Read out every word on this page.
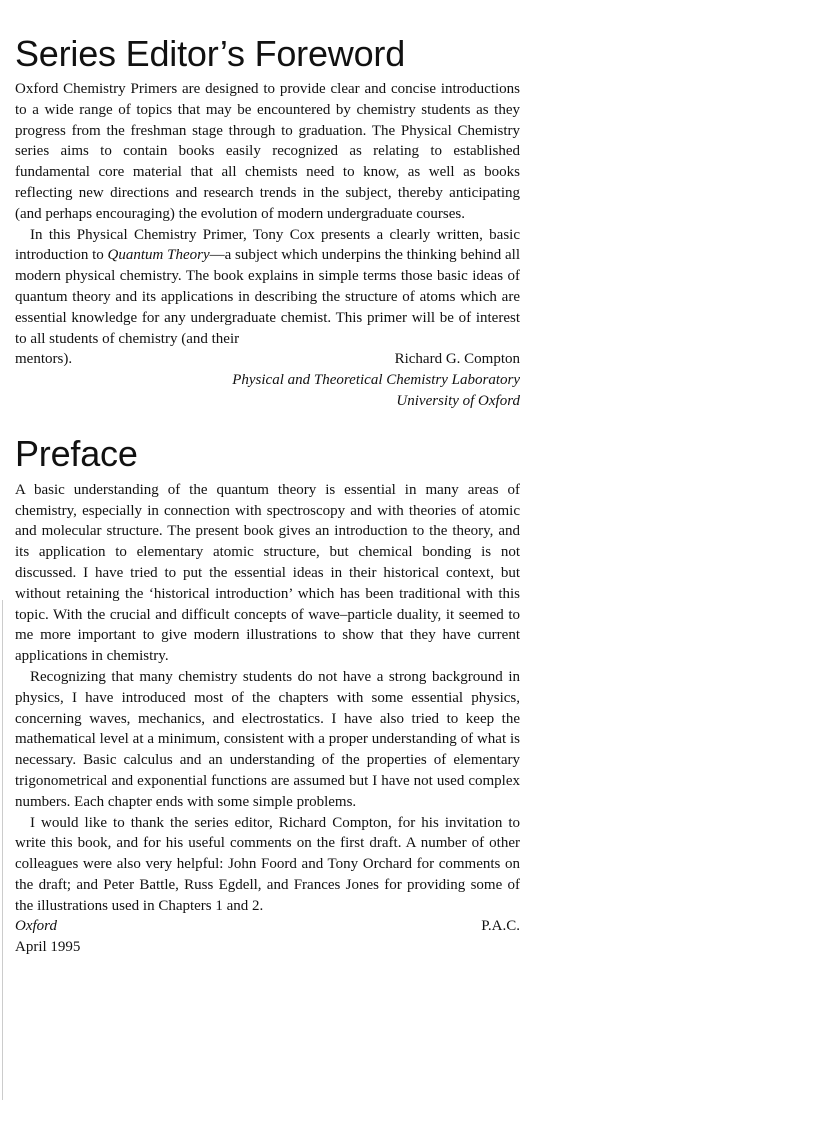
Series Editor’s Foreword

Oxford Chemistry Primers are designed to provide clear and concise introductions to a wide range of topics that may be encountered by chemistry students as they progress from the freshman stage through to graduation. The Physical Chemistry series aims to contain books easily recognized as relating to established fundamental core material that all chemists need to know, as well as books reflecting new directions and research trends in the subject, thereby anticipating (and perhaps encouraging) the evolution of modern undergraduate courses.

In this Physical Chemistry Primer, Tony Cox presents a clearly written, basic introduction to Quantum Theory—a subject which underpins the thinking behind all modern physical chemistry. The book explains in simple terms those basic ideas of quantum theory and its applications in describing the structure of atoms which are essential knowledge for any undergraduate chemist. This primer will be of interest to all students of chemistry (and their

mentors).	Richard G. Compton
Physical and Theoretical Chemistry Laboratory
University of Oxford
Preface

A basic understanding of the quantum theory is essential in many areas of chemistry, especially in connection with spectroscopy and with theories of atomic and molecular structure. The present book gives an introduction to the theory, and its application to elementary atomic structure, but chemical bonding is not discussed. I have tried to put the essential ideas in their historical context, but without retaining the ‘historical introduction’ which has been traditional with this topic. With the crucial and difficult concepts of wave–particle duality, it seemed to me more important to give modern illustrations to show that they have current applications in chemistry.

Recognizing that many chemistry students do not have a strong background in physics, I have introduced most of the chapters with some essential physics, concerning waves, mechanics, and electrostatics. I have also tried to keep the mathematical level at a minimum, consistent with a proper understanding of what is necessary. Basic calculus and an understanding of the properties of elementary trigonometrical and exponential functions are assumed but I have not used complex numbers. Each chapter ends with some simple problems.

I would like to thank the series editor, Richard Compton, for his invitation to write this book, and for his useful comments on the first draft. A number of other colleagues were also very helpful: John Foord and Tony Orchard for comments on the draft; and Peter Battle, Russ Egdell, and Frances Jones for providing some of the illustrations used in Chapters 1 and 2.

Oxford	P.A.C.
April 1995
